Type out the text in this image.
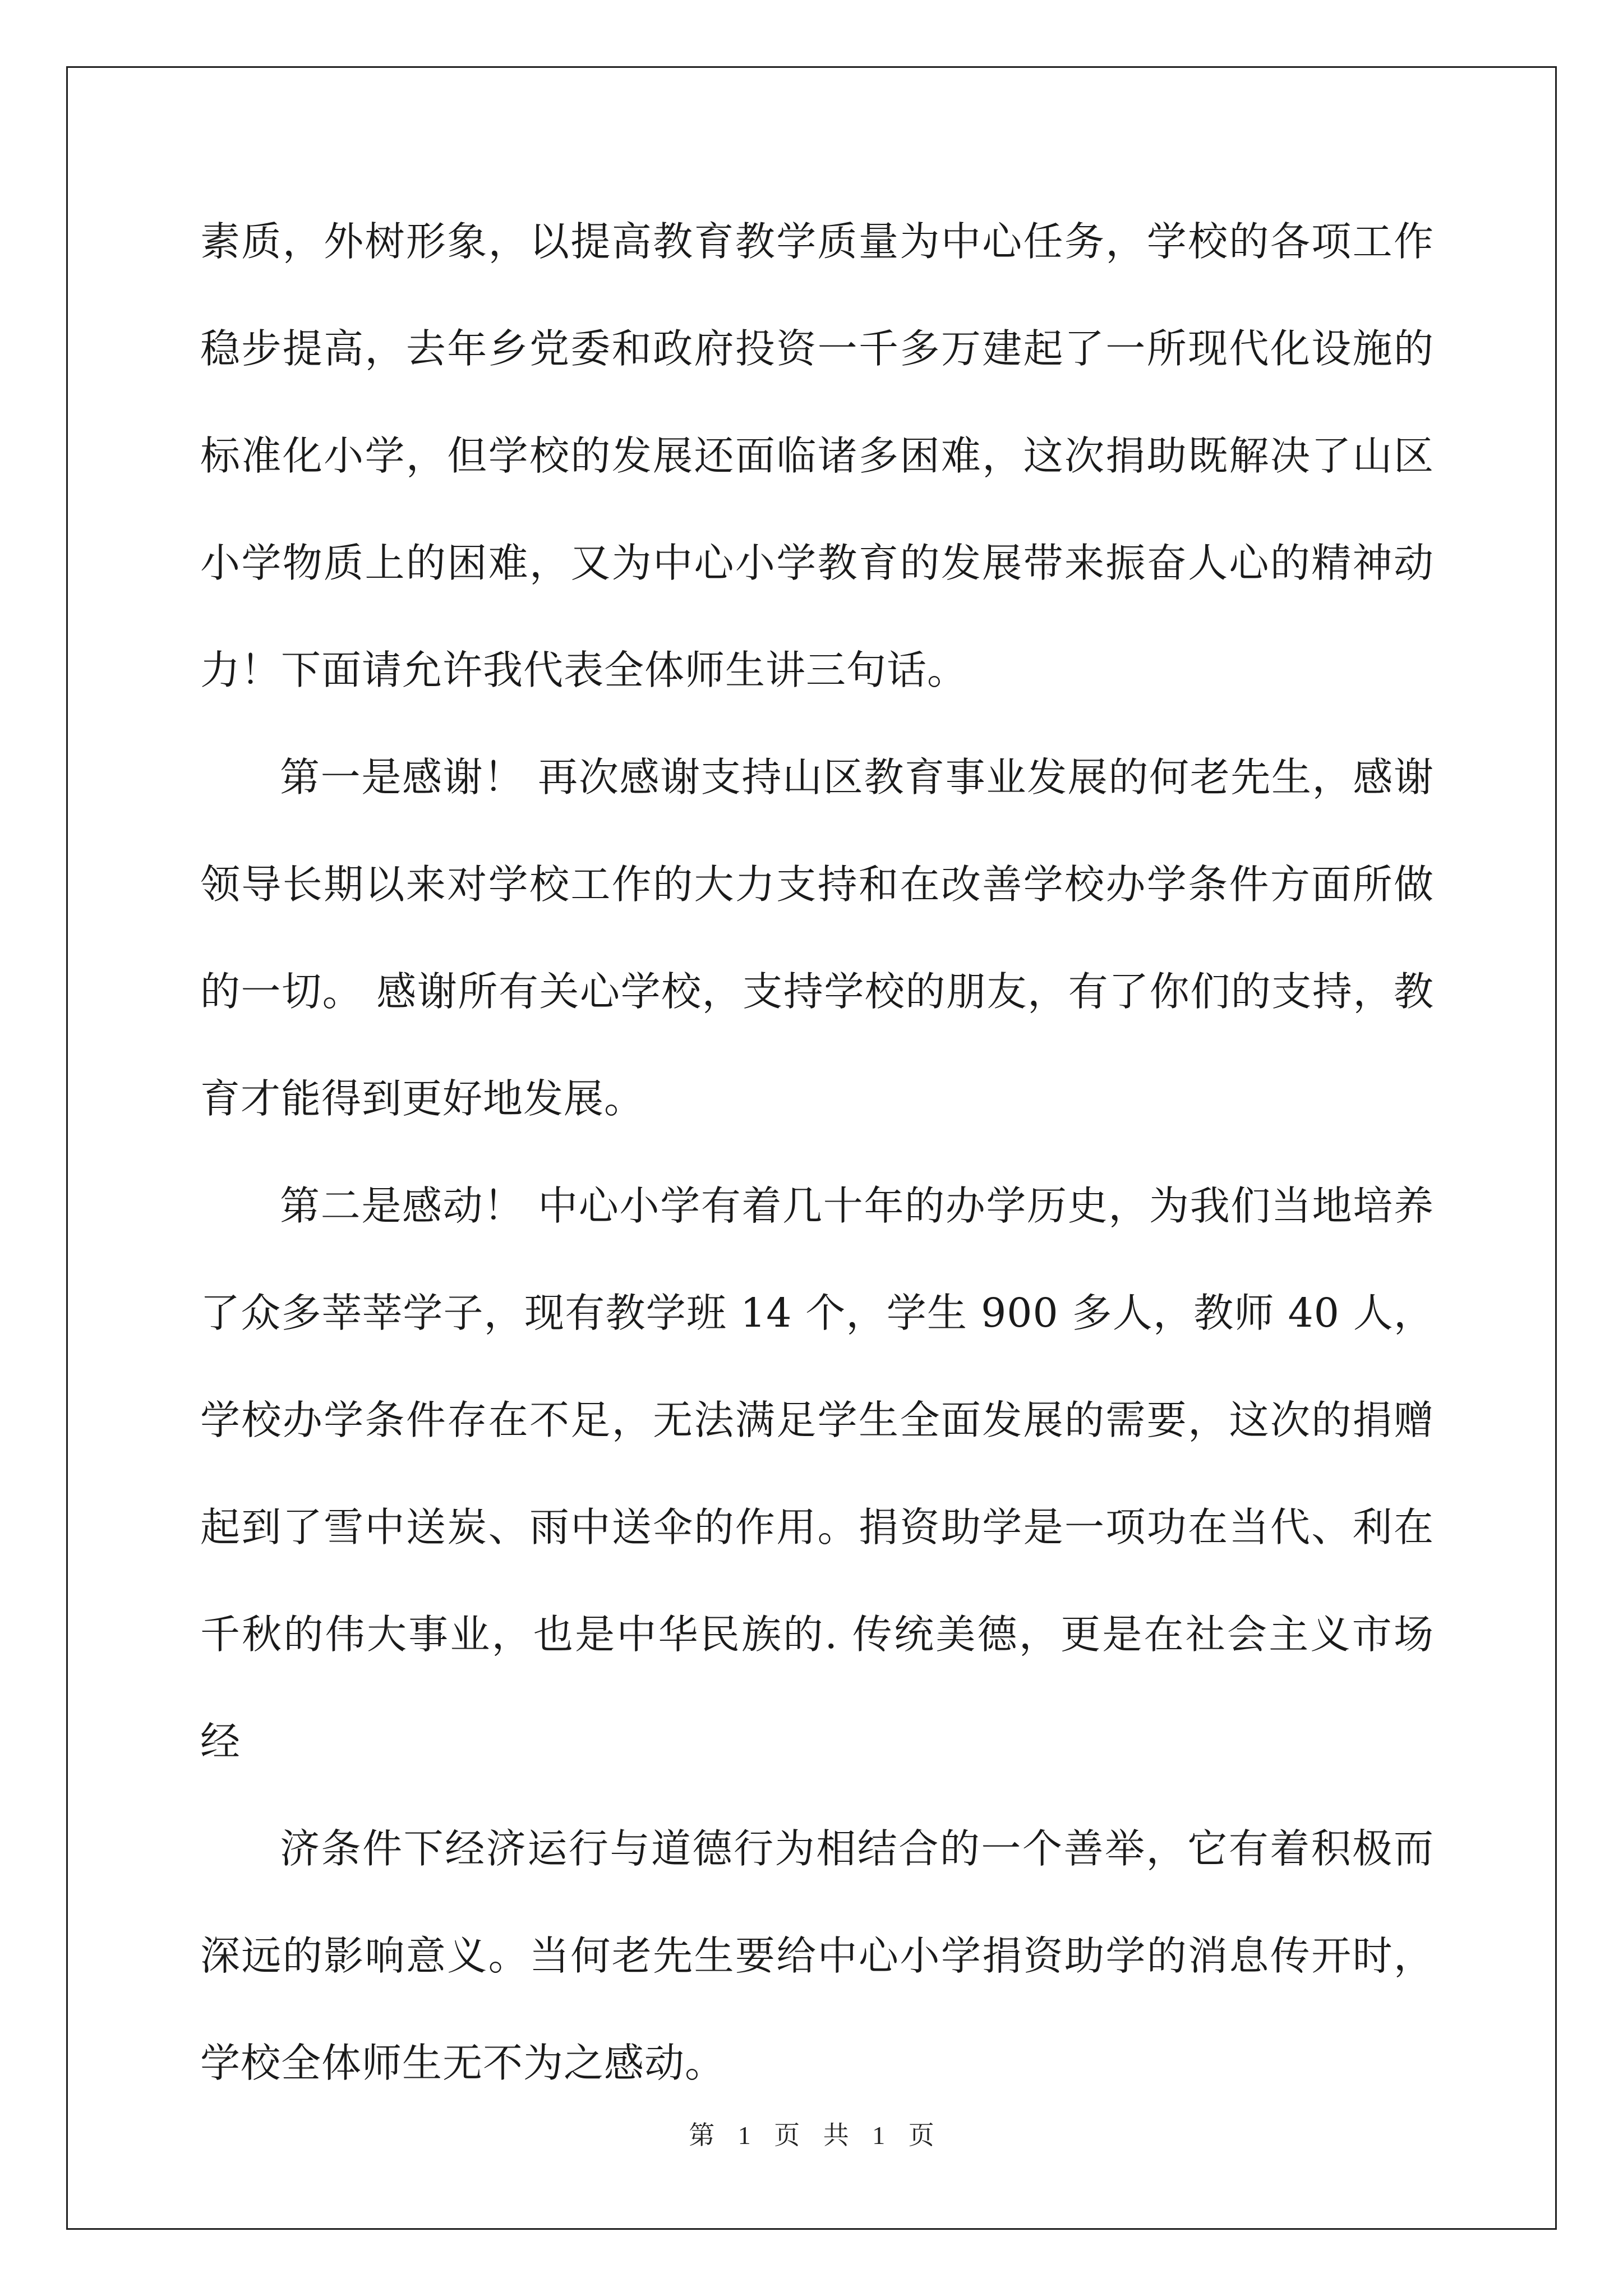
素质，外树形象，以提高教育教学质量为中心任务，学校的各项工作稳步提高，去年乡党委和政府投资一千多万建起了一所现代化设施的标准化小学，但学校的发展还面临诸多困难，这次捐助既解决了山区小学物质上的困难，又为中心小学教育的发展带来振奋人心的精神动力！下面请允许我代表全体师生讲三句话。

第一是感谢！ 再次感谢支持山区教育事业发展的何老先生，感谢领导长期以来对学校工作的大力支持和在改善学校办学条件方面所做的一切。 感谢所有关心学校，支持学校的朋友，有了你们的支持，教育才能得到更好地发展。

第二是感动！ 中心小学有着几十年的办学历史，为我们当地培养了众多莘莘学子，现有教学班 14 个，学生 900 多人，教师 40 人，学校办学条件存在不足，无法满足学生全面发展的需要，这次的捐赠起到了雪中送炭、雨中送伞的作用。捐资助学是一项功在当代、利在千秋的伟大事业，也是中华民族的. 传统美德，更是在社会主义市场经

济条件下经济运行与道德行为相结合的一个善举，它有着积极而深远的影响意义。当何老先生要给中心小学捐资助学的消息传开时，学校全体师生无不为之感动。

第 1 页 共 1 页
